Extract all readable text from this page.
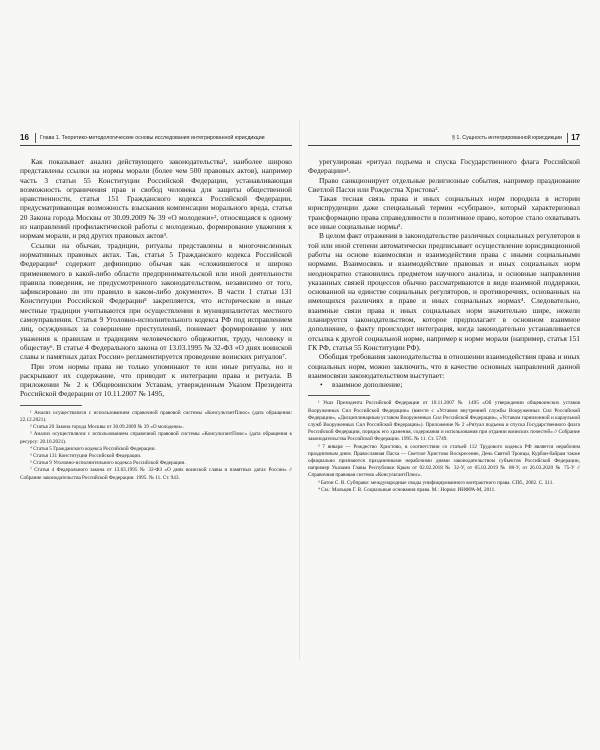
16 Глава 1. Теоретико-методологические основы исследования интегрированной юрисдикции

Как показывает анализ действующего законодательства¹, наиболее широко представлены ссылки на нормы морали (более чем 500 правовых актов), например часть 3 статьи 55 Конституции Российской Федерации, устанавливающая возможность ограничения прав и свобод человека для защиты общественной нравственности, статья 151 Гражданского кодекса Российской Федерации, предусматривающая возможность взыскания компенсации морального вреда, статья 20 Закона города Москвы от 30.09.2009 № 39 «О молодежи»², относящаяся к одному из направлений профилактической работы с молодежью, формирование уважения к нормам морали, и ряд других правовых актов³.

Ссылки на обычаи, традиции, ритуалы представлены в многочисленных нормативных правовых актах. Так, статья 5 Гражданского кодекса Российской Федерации⁴ содержит дефиницию обычая как «сложившегося и широко применяемого в какой-либо области предпринимательской или иной деятельности правила поведения, не предусмотренного законодательством, независимо от того, зафиксировано ли это правило в каком-либо документе». В части 1 статьи 131 Конституции Российской Федерации⁵ закрепляется, что исторические и иные местные традиции учитываются при осуществлении в муниципалитетах местного самоуправления. Статья 9 Уголовно-исполнительного кодекса РФ под исправлением лиц, осужденных за совершение преступлений, понимает формирование у них уважения к правилам и традициям человеческого общежития, труду, человеку и обществу⁶. В статье 4 Федерального закона от 13.03.1995 № 32-ФЗ «О днях воинской славы и памятных датах России» регламентируется проведение воинских ритуалов⁷.

При этом нормы права не только упоминают те или иные ритуалы, но и раскрывают их содержание, что приводит к интеграции права и ритуала. В приложении № 2 к Общевоинским Уставам, утвержденным Указом Президента Российской Федерации от 10.11.2007 № 1495,

¹ Анализ осуществлялся с использованием справочной правовой системы «КонсультантПлюс» (дата обращения: 22.12.2021).

² Статья 20 Закона города Москвы от 30.09.2009 № 39 «О молодежи».

³ Анализ осуществлялся с использованием справочной правовой системы «КонсультантПлюс» (дата обращения к ресурсу: 20.10.2021).

⁴ Статья 5 Гражданского кодекса Российской Федерации.

⁵ Статья 131 Конституции Российской Федерации.

⁶ Статья 9 Уголовно-исполнительного кодекса Российской Федерации.

⁷ Статья 4 Федерального закона от 13.03.1995 № 32-ФЗ «О днях воинской славы и памятных датах России» // Собрание законодательства Российской Федерации. 1995. № 11. Ст. 943.

§ 1. Сущность интегрированной юрисдикции 17

урегулирован «ритуал подъема и спуска Государственного флага Российской Федерации»¹.

Право санкционирует отдельные религиозные события, например празднование Светлой Пасхи или Рождества Христова².

Такая тесная связь права и иных социальных норм породила в истории юриспруденции даже специальный термин «субправо», который характеризовал трансформацию права справедливости в позитивное право, которое стало охватывать все иные социальные нормы³.

В целом факт отражения в законодательстве различных социальных регуляторов в той или иной степени автоматически предписывает осуществление юрисдикционной работы на основе взаимосвязи и взаимодействия права с иными социальными нормами. Взаимосвязь и взаимодействие правовых и иных социальных норм неоднократно становились предметом научного анализа, и основные направления указанных связей процессов обычно рассматриваются в виде взаимной поддержки, основанной на единстве социальных регуляторов, и противоречиях, основанных на имеющихся различиях в праве и иных социальных нормах⁴. Следовательно, взаимные связи права и иных социальных норм значительно шире, нежели планируется законодательством, которое предполагает в основном взаимное дополнение, о факту происходит интеграция, когда законодательно устанавливается отсылка к другой социальной норме, например к норме морали (например, статья 151 ГК РФ, статья 55 Конституции РФ).

Обобщая требования законодательства в отношении взаимодействия права и иных социальных норм, можно заключить, что в качестве основных направлений данной взаимосвязи законодательством выступает:

• взаимное дополнение;

¹ Указ Президента Российской Федерации от 10.11.2007 № 1495 «Об утверждении общевоинских уставов Вооруженных Сил Российской Федерации» (вместе с «Уставом внутренней службы Вооруженных Сил Российской Федерации», «Дисциплинарным уставом Вооруженных Сил Российской Федерации», «Уставом гарнизонной и караульной служб Вооруженных Сил Российской Федерации»). Приложение № 2 «Ритуал подъема и спуска Государственного флага Российской Федерации, порядок его хранения, содержания и использования при отдании воинских почестей» // Собрание законодательства Российской Федерации. 1995. № 11. Ст. 5749.

² 7 января — Рождество Христово, в соответствии со статьей 112 Трудового кодекса РФ является нерабочим праздничным днем. Православная Пасха — Светлое Христово Воскресение, День Святой Троицы, Курбан-байрам также официально признаются праздничными нерабочими днями законодательством субъектов Российской Федерации, например Указами Главы Республики Крым от 02.02.2018 № 32-У, от 05.03.2019 № 88-У, от 26.03.2020 № 75-У // Справочная правовая система «КонсультантПлюс».

³ Батон С. В. Субправо: международные своды унифицированного контрактного права. СПб., 2002. С. 311.

⁴ См.: Мальцев Г. В. Социальные основания права. М.: Норма: ИНФРА-М, 2011.
